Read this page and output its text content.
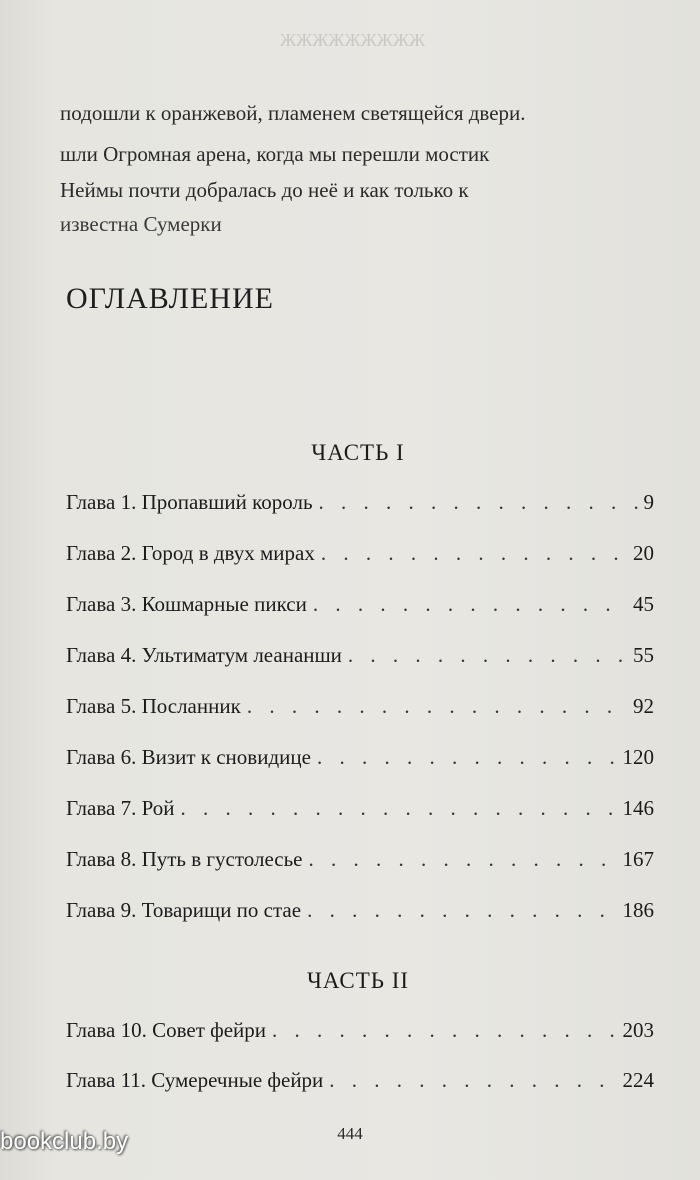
ЖЖЖЖЖЖЖЖЖ
подошли к оранжевой, пламенем светящейся двери.
шли Огромная арена, когда мы перешли мостик
Неймы почти добралась до неё и как только к
известна Сумерки
ОГЛАВЛЕНИЕ
ЧАСТЬ I
Глава 1. Пропавший король . . .	9
Глава 2. Город в двух мирах . . .	20
Глава 3. Кошмарные пикси . . .	45
Глава 4. Ультиматум леананши . . .	55
Глава 5. Посланник . . .	92
Глава 6. Визит к сновидице . . .	120
Глава 7. Рой . . .	146
Глава 8. Путь в густолесье . . .	167
Глава 9. Товарищи по стае . . .	186
ЧАСТЬ II
Глава 10. Совет фейри . . .	203
Глава 11. Сумеречные фейри . . .	224
444
bookclub.by
